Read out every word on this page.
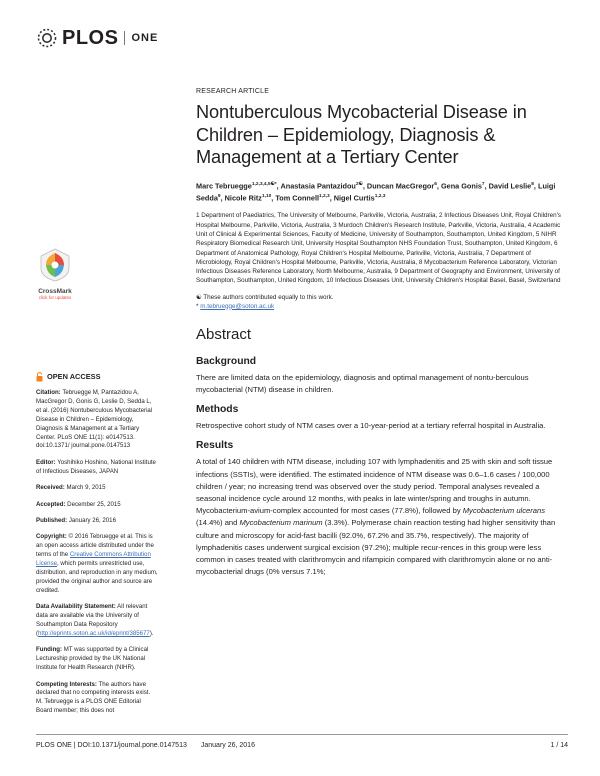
PLOS ONE
CrossMark
click for updates
OPEN ACCESS

Citation: Tebruegge M, Pantazidou A, MacGregor D, Gonis G, Leslie D, Sedda L, et al. (2016) Nontuberculous Mycobacterial Disease in Children – Epidemiology, Diagnosis & Management at a Tertiary Center. PLoS ONE 11(1): e0147513. doi:10.1371/ journal.pone.0147513

Editor: Yoshihiko Hoshino, National Institute of Infectious Diseases, JAPAN

Received: March 9, 2015

Accepted: December 25, 2015

Published: January 26, 2016

Copyright: © 2016 Tebruegge et al. This is an open access article distributed under the terms of the Creative Commons Attribution License, which permits unrestricted use, distribution, and reproduction in any medium, provided the original author and source are credited.

Data Availability Statement: All relevant data are available via the University of Southampton Data Repository (http://eprints.soton.ac.uk/id/eprint/385677).

Funding: MT was supported by a Clinical Lectureship provided by the UK National Institute for Health Research (NIHR).

Competing Interests: The authors have declared that no competing interests exist. M. Tebruegge is a PLOS ONE Editorial Board member; this does not

RESEARCH ARTICLE
Nontuberculous Mycobacterial Disease in Children – Epidemiology, Diagnosis & Management at a Tertiary Center
Marc Tebruegge$^{1,2,3,4,5☯*}$, Anastasia Pantazidou$^{2☯}$, Duncan MacGregor$^6$, Gena Gonis$^7$, David Leslie$^8$, Luigi Sedda$^9$, Nicole Ritz$^{1,10}$, Tom Connell$^{1,2,3}$, Nigel Curtis$^{1,2,3}$
1 Department of Paediatrics, The University of Melbourne, Parkville, Victoria, Australia, 2 Infectious Diseases Unit, Royal Children's Hospital Melbourne, Parkville, Victoria, Australia, 3 Murdoch Children's Research Institute, Parkville, Victoria, Australia, 4 Academic Unit of Clinical & Experimental Sciences, Faculty of Medicine, University of Southampton, Southampton, United Kingdom, 5 NIHR Respiratory Biomedical Research Unit, University Hospital Southampton NHS Foundation Trust, Southampton, United Kingdom, 6 Department of Anatomical Pathology, Royal Children's Hospital Melbourne, Parkville, Victoria, Australia, 7 Department of Microbiology, Royal Children's Hospital Melbourne, Parkville, Victoria, Australia, 8 Mycobacterium Reference Laboratory, Victorian Infectious Diseases Reference Laboratory, North Melbourne, Australia, 9 Department of Geography and Environment, University of Southampton, Southampton, United Kingdom, 10 Infectious Diseases Unit, University Children's Hospital Basel, Basel, Switzerland
☯ These authors contributed equally to this work.
* m.tebruegge@soton.ac.uk
Abstract
Background

There are limited data on the epidemiology, diagnosis and optimal management of nontu-berculous mycobacterial (NTM) disease in children.

Methods

Retrospective cohort study of NTM cases over a 10-year-period at a tertiary referral hospital in Australia.

Results

A total of 140 children with NTM disease, including 107 with lymphadenitis and 25 with skin and soft tissue infections (SSTIs), were identified. The estimated incidence of NTM disease was 0.6–1.6 cases / 100,000 children / year; no increasing trend was observed over the study period. Temporal analyses revealed a seasonal incidence cycle around 12 months, with peaks in late winter/spring and troughs in autumn. Mycobacterium-avium-complex accounted for most cases (77.8%), followed by Mycobacterium ulcerans (14.4%) and Mycobacterium marinum (3.3%). Polymerase chain reaction testing had higher sensitivity than culture and microscopy for acid-fast bacilli (92.0%, 67.2% and 35.7%, respectively). The majority of lymphadenitis cases underwent surgical excision (97.2%); multiple recur-rences in this group were less common in cases treated with clarithromycin and rifampicin compared with clarithromycin alone or no anti-mycobacterial drugs (0% versus 7.1%;

PLOS ONE | DOI:10.1371/journal.pone.0147513 January 26, 2016	1 / 14
